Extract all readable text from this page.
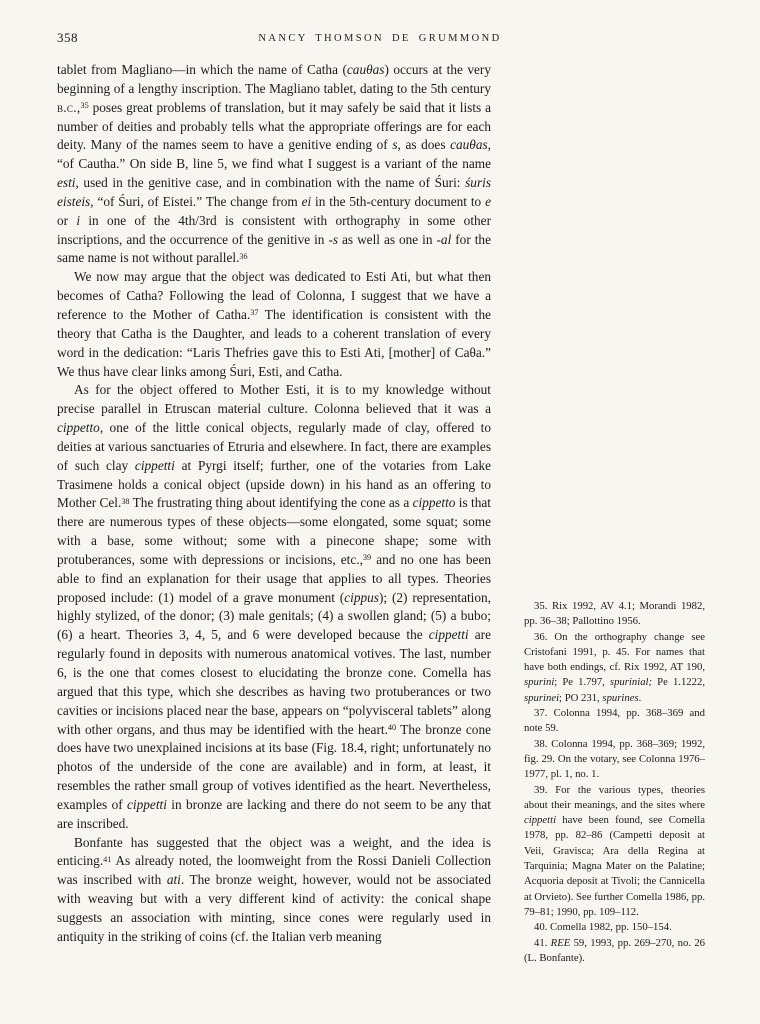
358	NANCY THOMSON DE GRUMMOND

tablet from Magliano—in which the name of Catha (cauθas) occurs at the very beginning of a lengthy inscription. The Magliano tablet, dating to the 5th century b.c.,$^{35}$ poses great problems of translation, but it may safely be said that it lists a number of deities and probably tells what the appropriate offerings are for each deity. Many of the names seem to have a genitive ending of s, as does cauθas, “of Cautha.” On side B, line 5, we find what I suggest is a variant of the name esti, used in the genitive case, and in combination with the name of Śuri: śuris eisteis, “of Śuri, of Eistei.” The change from ei in the 5th-century document to e or i in one of the 4th/3rd is consistent with orthography in some other inscriptions, and the occurrence of the genitive in -s as well as one in -al for the same name is not without parallel.$^{36}$

We now may argue that the object was dedicated to Esti Ati, but what then becomes of Catha? Following the lead of Colonna, I suggest that we have a reference to the Mother of Catha.$^{37}$ The identification is consistent with the theory that Catha is the Daughter, and leads to a coherent translation of every word in the dedication: “Laris Thefries gave this to Esti Ati, [mother] of Caθa.” We thus have clear links among Śuri, Esti, and Catha.

As for the object offered to Mother Esti, it is to my knowledge without precise parallel in Etruscan material culture. Colonna believed that it was a cippetto, one of the little conical objects, regularly made of clay, offered to deities at various sanctuaries of Etruria and elsewhere. In fact, there are examples of such clay cippetti at Pyrgi itself; further, one of the votaries from Lake Trasimene holds a conical object (upside down) in his hand as an offering to Mother Cel.$^{38}$ The frustrating thing about identifying the cone as a cippetto is that there are numerous types of these objects—some elongated, some squat; some with a base, some without; some with a pinecone shape; some with protuberances, some with depressions or incisions, etc.,$^{39}$ and no one has been able to find an explanation for their usage that applies to all types. Theories proposed include: (1) model of a grave monument (cippus); (2) representation, highly stylized, of the donor; (3) male genitals; (4) a swollen gland; (5) a bubo; (6) a heart. Theories 3, 4, 5, and 6 were developed because the cippetti are regularly found in deposits with numerous anatomical votives. The last, number 6, is the one that comes closest to elucidating the bronze cone. Comella has argued that this type, which she describes as having two protuberances or two cavities or incisions placed near the base, appears on “polyvisceral tablets” along with other organs, and thus may be identified with the heart.$^{40}$ The bronze cone does have two unexplained incisions at its base (Fig. 18.4, right; unfortunately no photos of the underside of the cone are available) and in form, at least, it resembles the rather small group of votives identified as the heart. Nevertheless, examples of cippetti in bronze are lacking and there do not seem to be any that are inscribed.

Bonfante has suggested that the object was a weight, and the idea is enticing.$^{41}$ As already noted, the loomweight from the Rossi Danieli Collection was inscribed with ati. The bronze weight, however, would not be associated with weaving but with a very different kind of activity: the conical shape suggests an association with minting, since cones were regularly used in antiquity in the striking of coins (cf. the Italian verb meaning

35. Rix 1992, AV 4.1; Morandi 1982, pp. 36–38; Pallottino 1956.

36. On the orthography change see Cristofani 1991, p. 45. For names that have both endings, cf. Rix 1992, AT 190, spurini; Pe 1.797, spurinial; Pe 1.1222, spurinei; PO 231, spurines.

37. Colonna 1994, pp. 368–369 and note 59.

38. Colonna 1994, pp. 368–369; 1992, fig. 29. On the votary, see Colonna 1976–1977, pl. 1, no. 1.

39. For the various types, theories about their meanings, and the sites where cippetti have been found, see Comella 1978, pp. 82–86 (Campetti deposit at Veii, Gravisca; Ara della Regina at Tarquinia; Magna Mater on the Palatine; Acquoria deposit at Tivoli; the Cannicella at Orvieto). See further Comella 1986, pp. 79–81; 1990, pp. 109–112.

40. Comella 1982, pp. 150–154.

41. REE 59, 1993, pp. 269–270, no. 26 (L. Bonfante).
